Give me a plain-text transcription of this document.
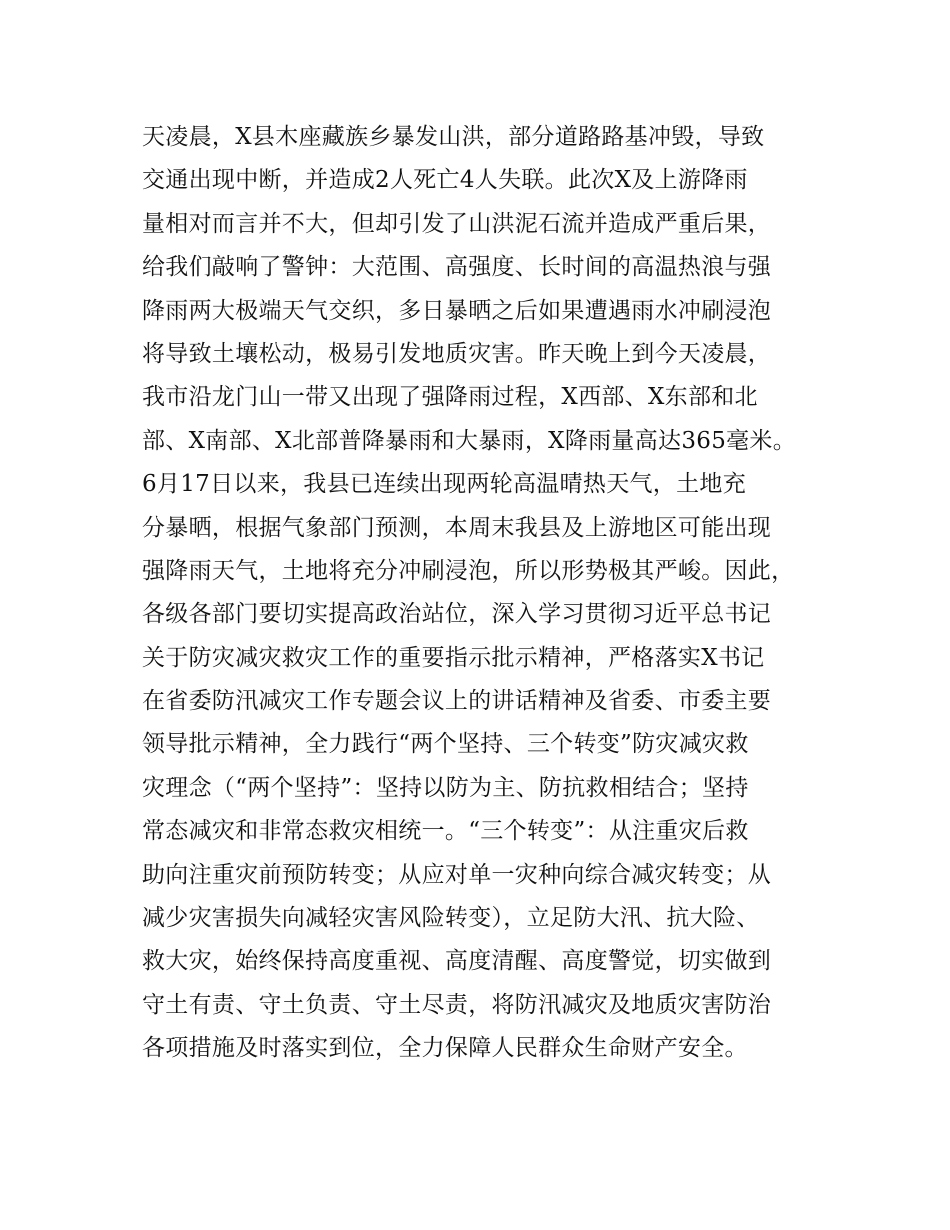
天凌晨，X县木座藏族乡暴发山洪，部分道路路基冲毁，导致
交通出现中断，并造成2人死亡4人失联。此次X及上游降雨
量相对而言并不大，但却引发了山洪泥石流并造成严重后果，
给我们敲响了警钟：大范围、高强度、长时间的高温热浪与强
降雨两大极端天气交织，多日暴晒之后如果遭遇雨水冲刷浸泡
将导致土壤松动，极易引发地质灾害。昨天晚上到今天凌晨，
我市沿龙门山一带又出现了强降雨过程，X西部、X东部和北
部、X南部、X北部普降暴雨和大暴雨，X降雨量高达365毫米。
6月17日以来，我县已连续出现两轮高温晴热天气，土地充
分暴晒，根据气象部门预测，本周末我县及上游地区可能出现
强降雨天气，土地将充分冲刷浸泡，所以形势极其严峻。因此，
各级各部门要切实提高政治站位，深入学习贯彻习近平总书记
关于防灾减灾救灾工作的重要指示批示精神，严格落实X书记
在省委防汛减灾工作专题会议上的讲话精神及省委、市委主要
领导批示精神，全力践行“两个坚持、三个转变”防灾减灾救
灾理念（“两个坚持”：坚持以防为主、防抗救相结合；坚持
常态减灾和非常态救灾相统一。“三个转变”：从注重灾后救
助向注重灾前预防转变；从应对单一灾种向综合减灾转变；从
减少灾害损失向减轻灾害风险转变），立足防大汛、抗大险、
救大灾，始终保持高度重视、高度清醒、高度警觉，切实做到
守土有责、守土负责、守土尽责，将防汛减灾及地质灾害防治
各项措施及时落实到位，全力保障人民群众生命财产安全。
